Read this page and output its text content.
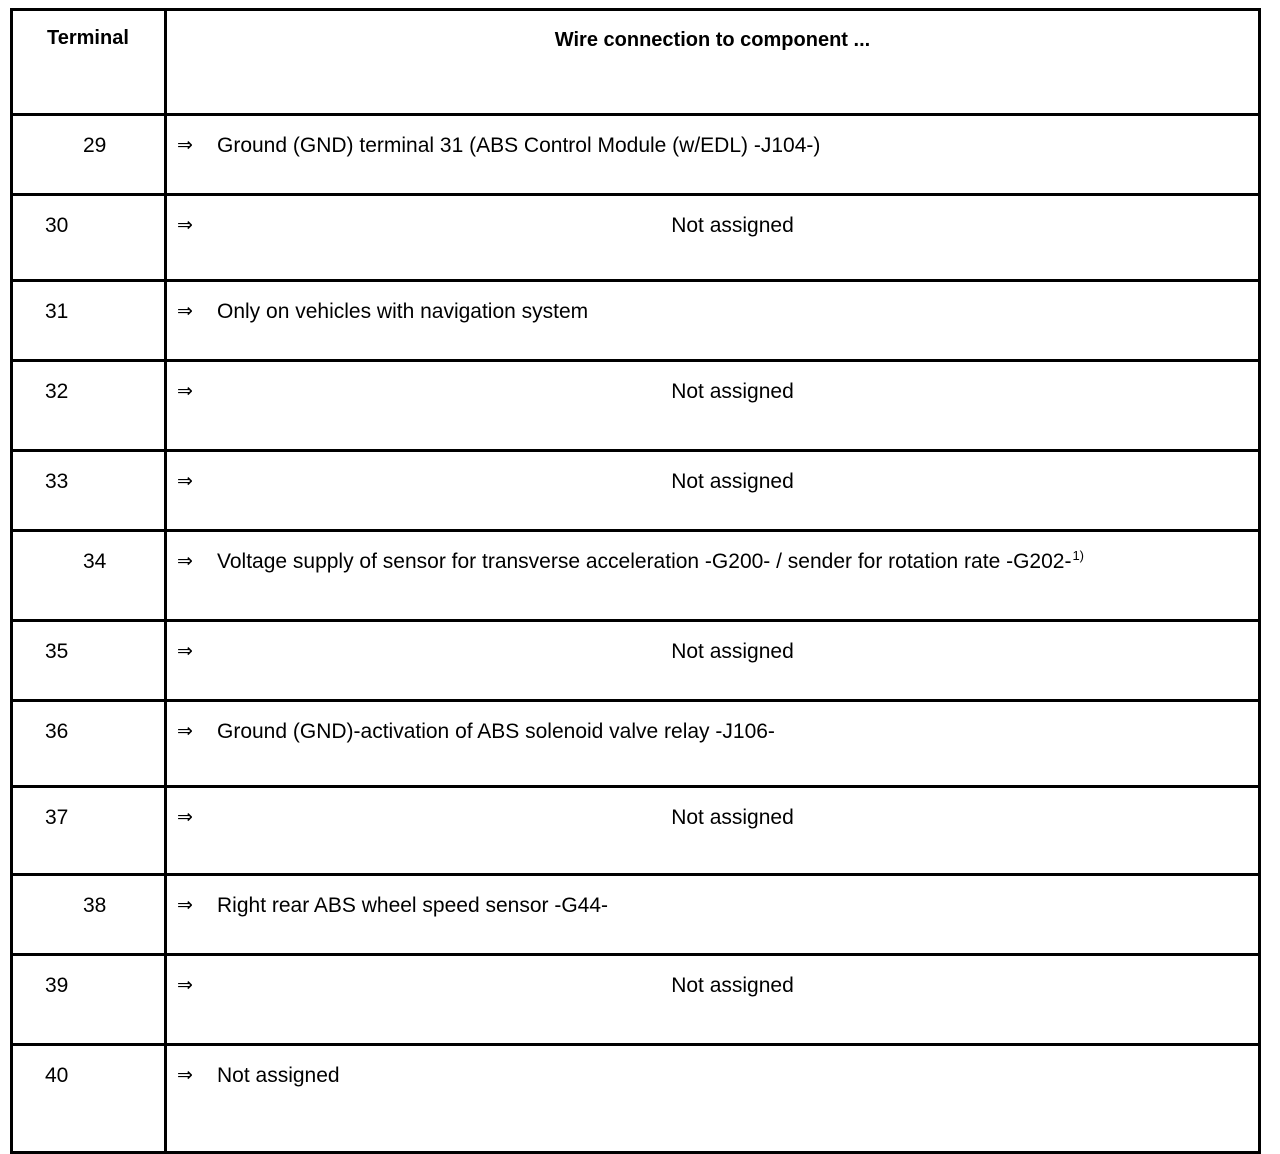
Terminal	Wire connection to component ...
29	⇒ Ground (GND) terminal 31 (ABS Control Module (w/EDL) -J104-)
30	⇒ Not assigned

31	⇒ Only on vehicles with navigation system
32	⇒ Not assigned

33	⇒ Not assigned

34	⇒ Voltage supply of sensor for transverse acceleration -G200- / sender for rotation rate -G202-$^{1)}$
35	⇒ Not assigned

36	⇒ Ground (GND)-activation of ABS solenoid valve relay -J106-
37	⇒ Not assigned

38	⇒ Right rear ABS wheel speed sensor -G44-
39	⇒ Not assigned

40	⇒ Not assigned
